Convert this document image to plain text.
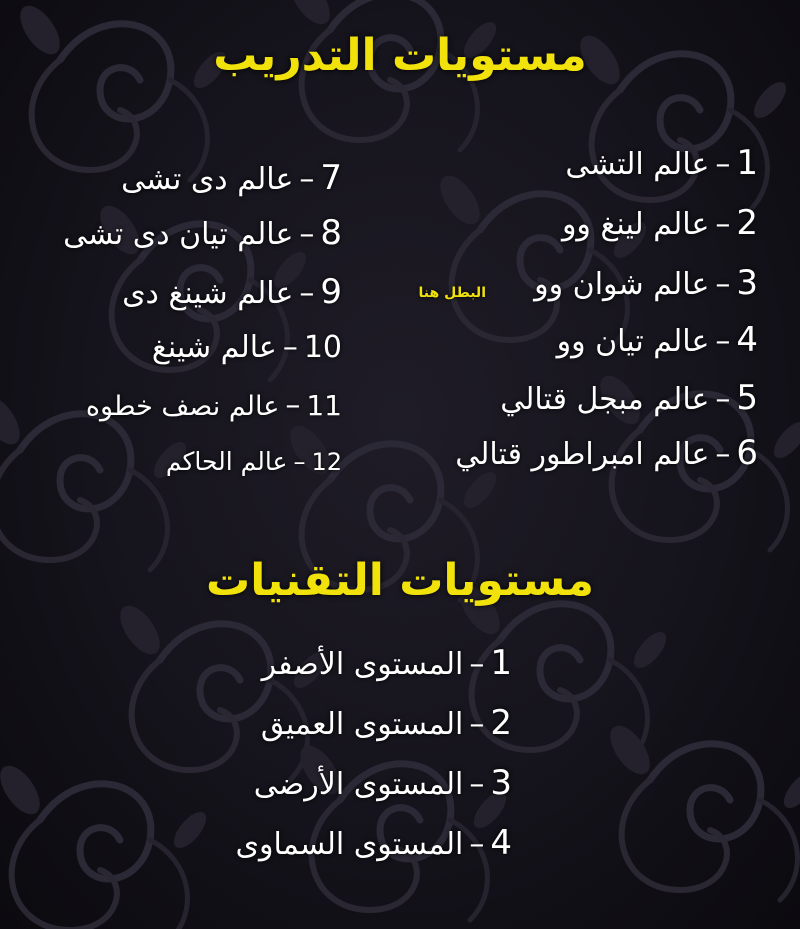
مستويات التدريب
1–عالم التشى
2–عالم لينغ وو
3–عالم شوان وو
4–عالم تيان وو
5–عالم مبجل قتالي
6–عالم امبراطور قتالي
7–عالم دى تشى
8–عالم تيان دى تشى
9–عالم شينغ دى
10–عالم شينغ
11–عالم نصف خطوه
12–عالم الحاكم
البطل هنا
مستويات التقنيات
1–المستوى الأصفر
2–المستوى العميق
3–المستوى الأرضى
4–المستوى السماوى
